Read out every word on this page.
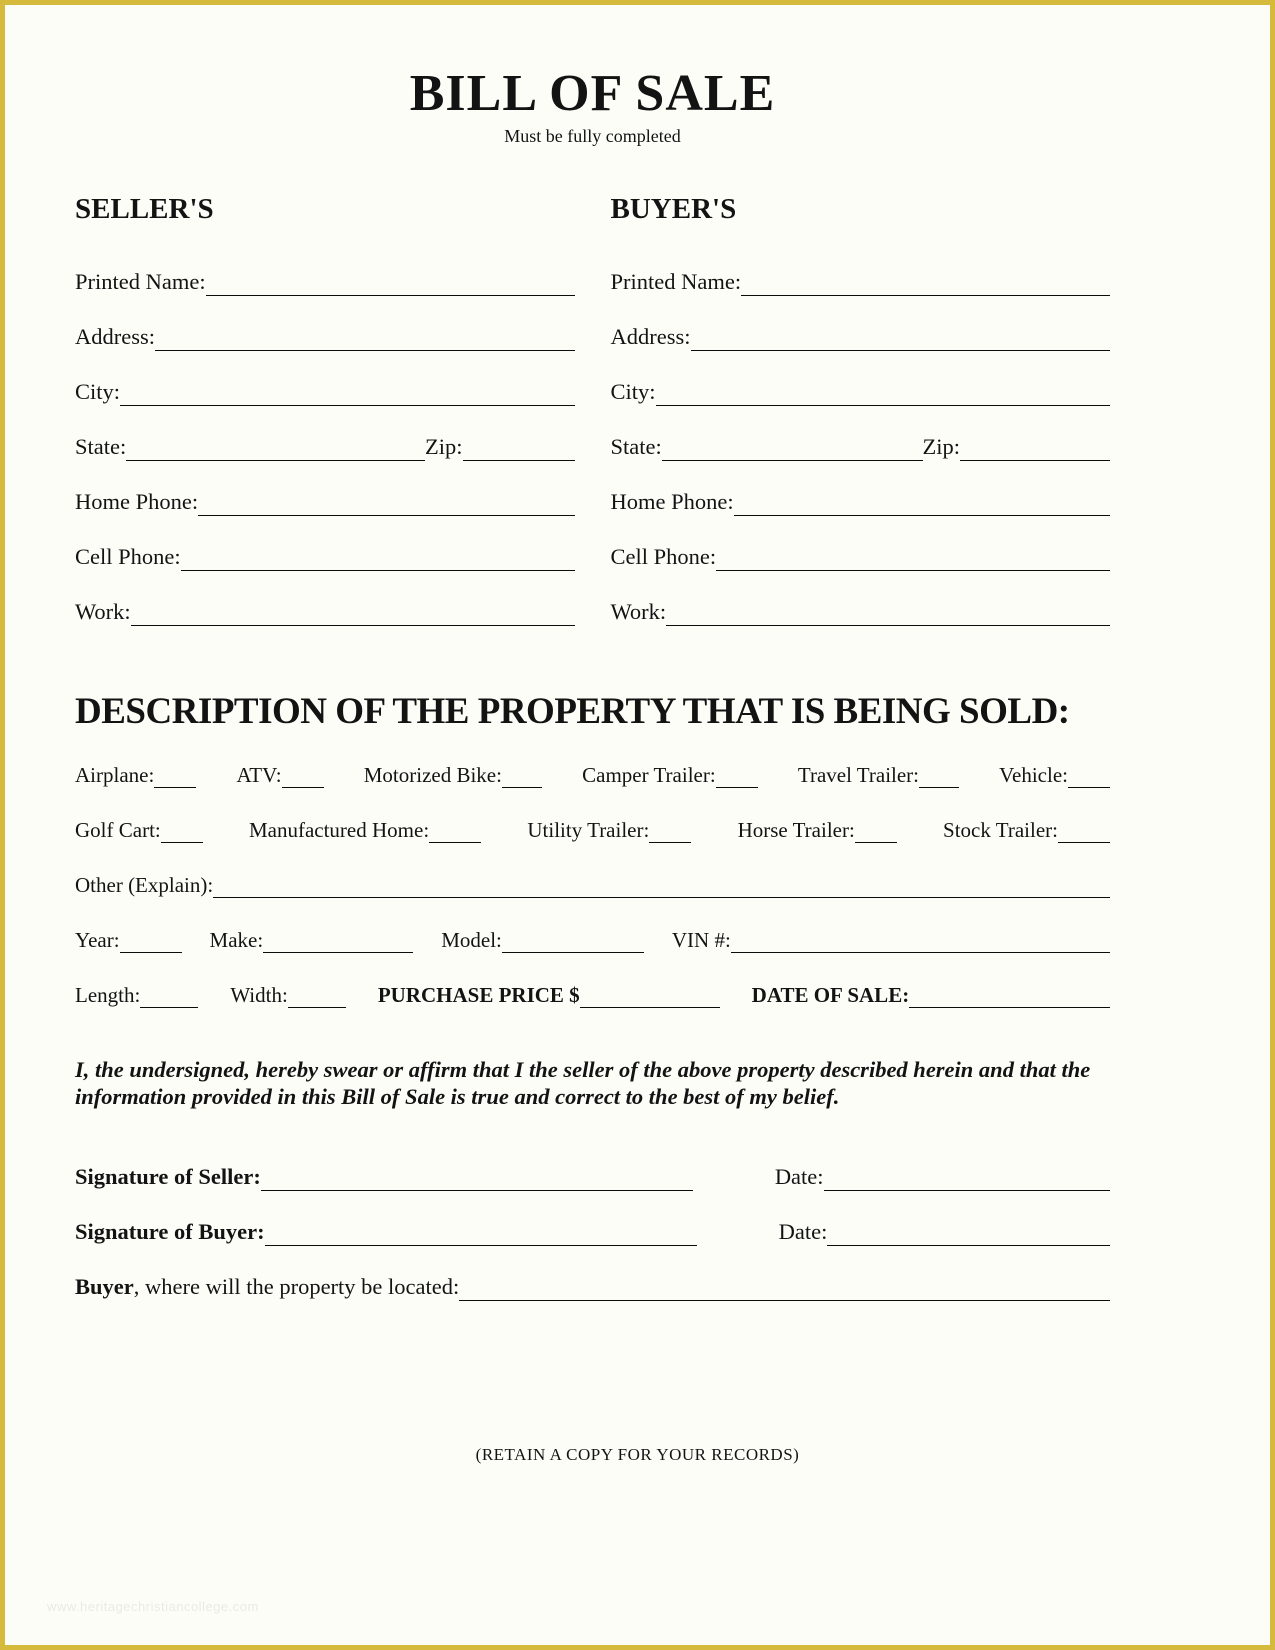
BILL OF SALE
Must be fully completed
SELLER'S
Printed Name:
Address:
City:
State:	Zip:
Home Phone:
Cell Phone:
Work:
BUYER'S
Printed Name:
Address:
City:
State:	Zip:
Home Phone:
Cell Phone:
Work:
DESCRIPTION OF THE PROPERTY THAT IS BEING SOLD:
Airplane:	ATV:	Motorized Bike:	Camper Trailer:	Travel Trailer:	Vehicle:
Golf Cart:	Manufactured Home:	Utility Trailer:	Horse Trailer:	Stock Trailer:
Other (Explain):
Year:	Make:	Model:	VIN #:
Length:	Width:	PURCHASE PRICE $	DATE OF SALE:
I, the undersigned, hereby swear or affirm that I the seller of the above property described herein and that the information provided in this Bill of Sale is true and correct to the best of my belief.
Signature of Seller:	Date:
Signature of Buyer:	Date:
Buyer , where will the property be located:
(RETAIN A COPY FOR YOUR RECORDS)
www.heritagechristiancollege.com
